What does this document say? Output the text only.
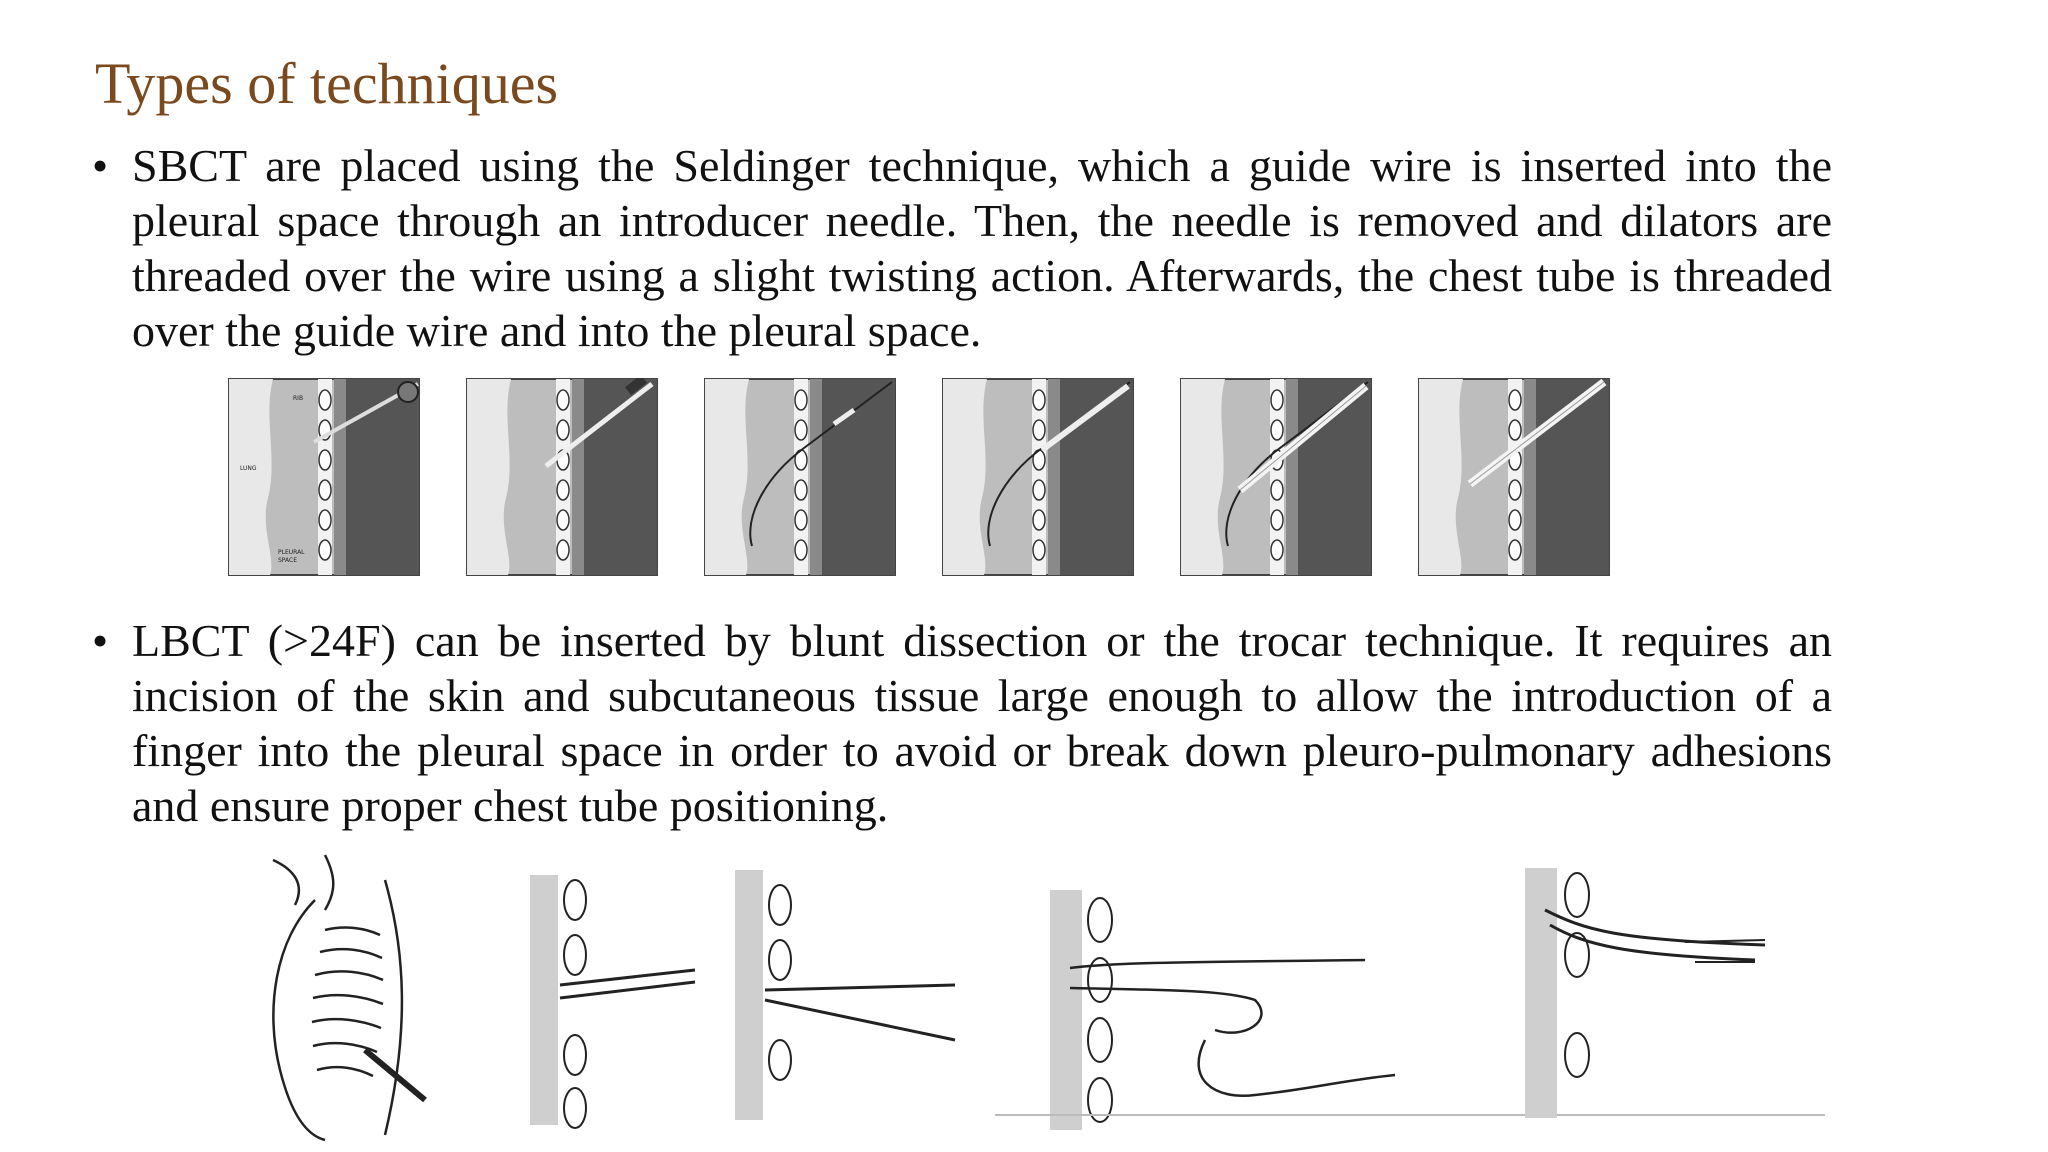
Types of techniques
• SBCT are placed using the Seldinger technique, which a guide wire is inserted into the pleural space through an introducer needle. Then, the needle is removed and dilators are threaded over the wire using a slight twisting action. Afterwards, the chest tube is threaded over the guide wire and into the pleural space.
RIB
LUNG
PLEURAL
SPACE
• LBCT (>24F) can be inserted by blunt dissection or the trocar technique. It requires an incision of the skin and subcutaneous tissue large enough to allow the introduction of a finger into the pleural space in order to avoid or break down pleuro-pulmonary adhesions and ensure proper chest tube positioning.
